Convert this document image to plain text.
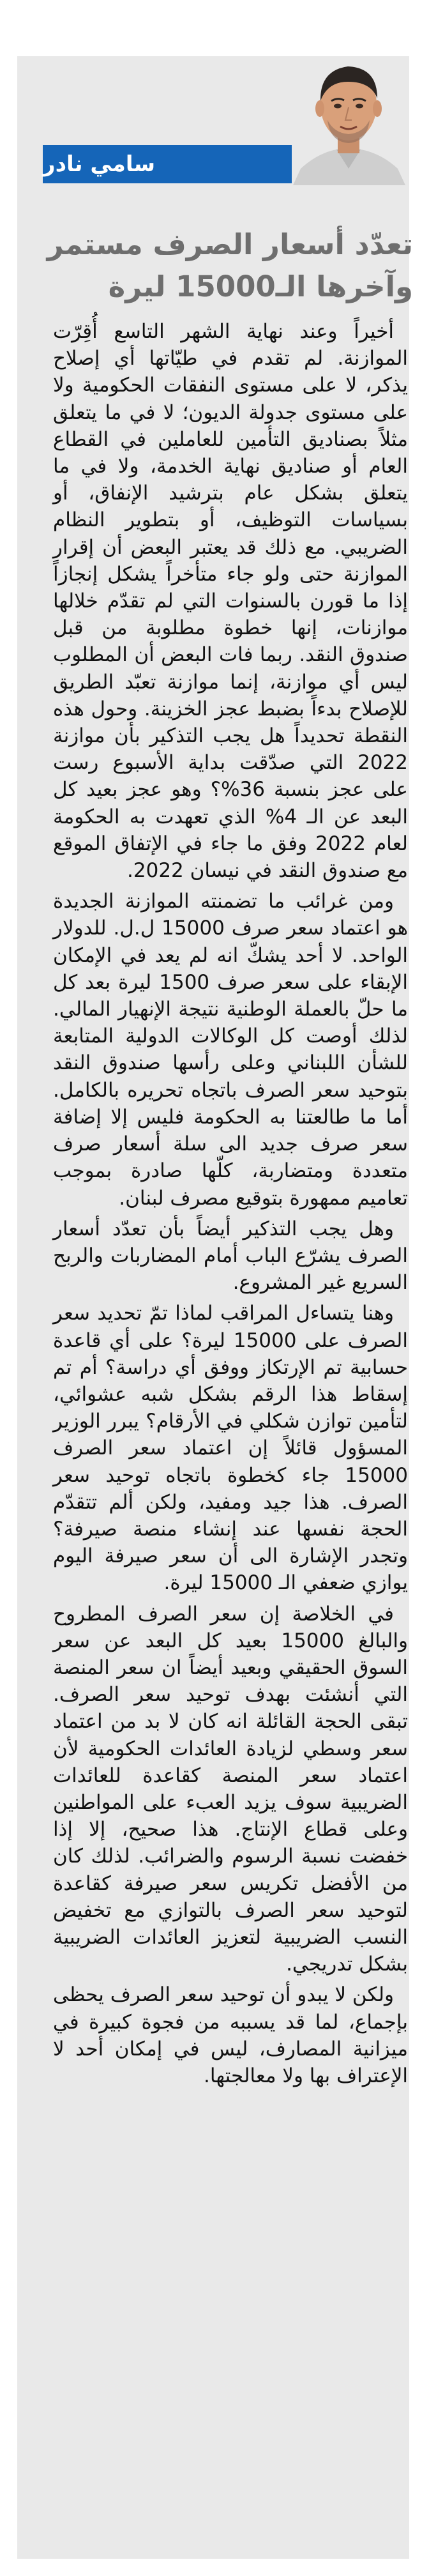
سامي نادر
تعدّد أسعار الصرف مستمر
وآخرها الـ15000 ليرة

أخيراً وعند نهاية الشهر التاسع أُقِرّت الموازنة. لم تقدم في طيّاتها أي إصلاح يذكر، لا على مستوى النفقات الحكومية ولا على مستوى جدولة الديون؛ لا في ما يتعلق مثلاً بصناديق التأمين للعاملين في القطاع العام أو صناديق نهاية الخدمة، ولا في ما يتعلق بشكل عام بترشيد الإنفاق، أو بسياسات التوظيف، أو بتطوير النظام الضريبي. مع ذلك قد يعتبر البعض أن إقرار الموازنة حتى ولو جاء متأخراً يشكل إنجازاً إذا ما قورن بالسنوات التي لم تقدّم خلالها موازنات، إنها خطوة مطلوبة من قبل صندوق النقد. ربما فات البعض أن المطلوب ليس أي موازنة، إنما موازنة تعبّد الطريق للإصلاح بدءاً بضبط عجز الخزينة. وحول هذه النقطة تحديداً هل يجب التذكير بأن موازنة 2022 التي صدّقت بداية الأسبوع رست على عجز بنسبة 36%؟ وهو عجز بعيد كل البعد عن الـ 4% الذي تعهدت به الحكومة لعام 2022 وفق ما جاء في الإتفاق الموقع مع صندوق النقد في نيسان 2022.

ومن غرائب ما تضمنته الموازنة الجديدة هو اعتماد سعر صرف 15000 ل.ل. للدولار الواحد. لا أحد يشكّ انه لم يعد في الإمكان الإبقاء على سعر صرف 1500 ليرة بعد كل ما حلّ بالعملة الوطنية نتيجة الإنهيار المالي. لذلك أوصت كل الوكالات الدولية المتابعة للشأن اللبناني وعلى رأسها صندوق النقد بتوحيد سعر الصرف باتجاه تحريره بالكامل. أما ما طالعتنا به الحكومة فليس إلا إضافة سعر صرف جديد الى سلة أسعار صرف متعددة ومتضاربة، كلّها صادرة بموجب تعاميم ممهورة بتوقيع مصرف لبنان.

وهل يجب التذكير أيضاً بأن تعدّد أسعار الصرف يشرّع الباب أمام المضاربات والربح السريع غير المشروع.

وهنا يتساءل المراقب لماذا تمّ تحديد سعر الصرف على 15000 ليرة؟ على أي قاعدة حسابية تم الإرتكاز ووفق أي دراسة؟ أم تم إسقاط هذا الرقم بشكل شبه عشوائي، لتأمين توازن شكلي في الأرقام؟ يبرر الوزير المسؤول قائلاً إن اعتماد سعر الصرف 15000 جاء كخطوة باتجاه توحيد سعر الصرف. هذا جيد ومفيد، ولكن ألم تتقدّم الحجة نفسها عند إنشاء منصة صيرفة؟ وتجدر الإشارة الى أن سعر صيرفة اليوم يوازي ضعفي الـ 15000 ليرة.

في الخلاصة إن سعر الصرف المطروح والبالغ 15000 بعيد كل البعد عن سعر السوق الحقيقي وبعيد أيضاً ان سعر المنصة التي أنشئت بهدف توحيد سعر الصرف. تبقى الحجة القائلة انه كان لا بد من اعتماد سعر وسطي لزيادة العائدات الحكومية لأن اعتماد سعر المنصة كقاعدة للعائدات الضريبية سوف يزيد العبء على المواطنين وعلى قطاع الإنتاج. هذا صحيح، إلا إذا خفضت نسبة الرسوم والضرائب. لذلك كان من الأفضل تكريس سعر صيرفة كقاعدة لتوحيد سعر الصرف بالتوازي مع تخفيض النسب الضريبية لتعزيز العائدات الضريبية بشكل تدريجي.

ولكن لا يبدو أن توحيد سعر الصرف يحظى بإجماع، لما قد يسببه من فجوة كبيرة في ميزانية المصارف، ليس في إمكان أحد لا الإعتراف بها ولا معالجتها.
